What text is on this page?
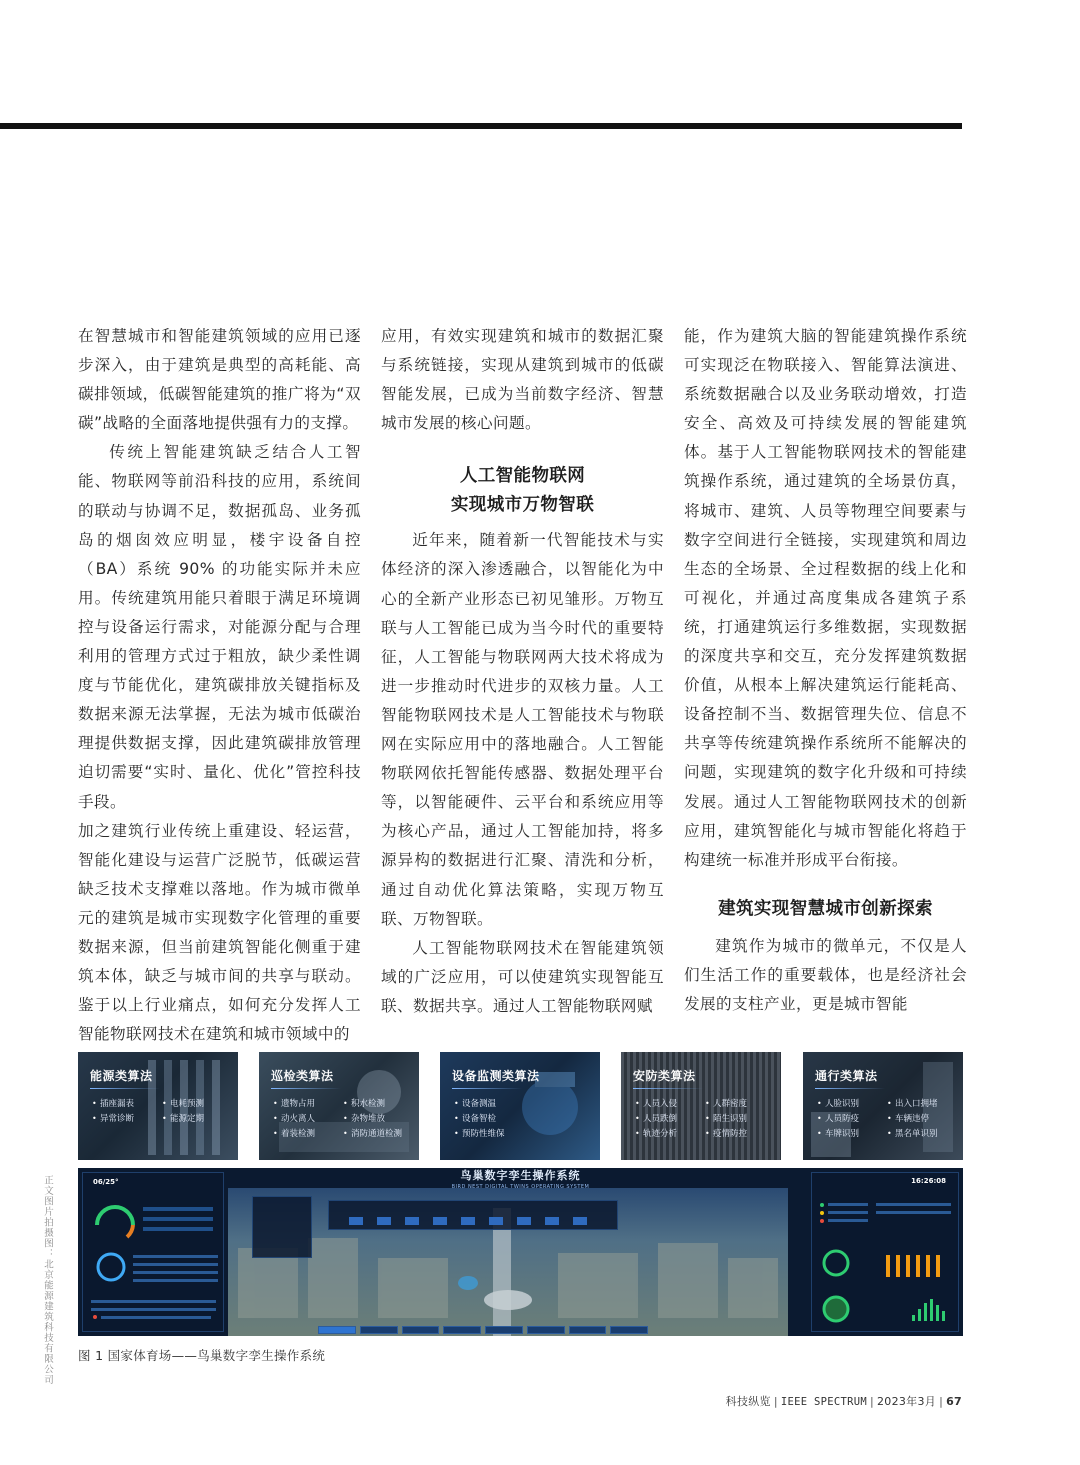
在智慧城市和智能建筑领域的应用已逐步深入，由于建筑是典型的高耗能、高碳排领域，低碳智能建筑的推广将为“双碳”战略的全面落地提供强有力的支撑。

传统上智能建筑缺乏结合人工智能、物联网等前沿科技的应用，系统间的联动与协调不足，数据孤岛、业务孤岛的烟囱效应明显，楼宇设备自控（BA）系统 90% 的功能实际并未应用。传统建筑用能只着眼于满足环境调控与设备运行需求，对能源分配与合理利用的管理方式过于粗放，缺少柔性调度与节能优化，建筑碳排放关键指标及数据来源无法掌握，无法为城市低碳治理提供数据支撑，因此建筑碳排放管理迫切需要“实时、量化、优化”管控科技手段。

加之建筑行业传统上重建设、轻运营，智能化建设与运营广泛脱节，低碳运营缺乏技术支撑难以落地。作为城市微单元的建筑是城市实现数字化管理的重要数据来源，但当前建筑智能化侧重于建筑本体，缺乏与城市间的共享与联动。鉴于以上行业痛点，如何充分发挥人工智能物联网技术在建筑和城市领域中的

应用，有效实现建筑和城市的数据汇聚与系统链接，实现从建筑到城市的低碳智能发展，已成为当前数字经济、智慧城市发展的核心问题。

人工智能物联网
实现城市万物智联

近年来，随着新一代智能技术与实体经济的深入渗透融合，以智能化为中心的全新产业形态已初见雏形。万物互联与人工智能已成为当今时代的重要特征，人工智能与物联网两大技术将成为进一步推动时代进步的双核力量。人工智能物联网技术是人工智能技术与物联网在实际应用中的落地融合。人工智能物联网依托智能传感器、数据处理平台等，以智能硬件、云平台和系统应用等为核心产品，通过人工智能加持，将多源异构的数据进行汇聚、清洗和分析，通过自动优化算法策略，实现万物互联、万物智联。

人工智能物联网技术在智能建筑领域的广泛应用，可以使建筑实现智能互联、数据共享。通过人工智能物联网赋

能，作为建筑大脑的智能建筑操作系统可实现泛在物联接入、智能算法演进、系统数据融合以及业务联动增效，打造安全、高效及可持续发展的智能建筑体。基于人工智能物联网技术的智能建筑操作系统，通过建筑的全场景仿真，将城市、建筑、人员等物理空间要素与数字空间进行全链接，实现建筑和周边生态的全场景、全过程数据的线上化和可视化，并通过高度集成各建筑子系统，打通建筑运行多维数据，实现数据的深度共享和交互，充分发挥建筑数据价值，从根本上解决建筑运行能耗高、设备控制不当、数据管理失位、信息不共享等传统建筑操作系统所不能解决的问题，实现建筑的数字化升级和可持续发展。通过人工智能物联网技术的创新应用，建筑智能化与城市智能化将趋于构建统一标准并形成平台衔接。

建筑实现智慧城市创新探索

建筑作为城市的微单元，不仅是人们生活工作的重要载体，也是经济社会发展的支柱产业，更是城市智能

能源类算法
• 插座漏表	• 电耗预测
• 异常诊断	• 能源定期
巡检类算法
• 遗物占用	• 积水检测
• 动火离人	• 杂物堆放
• 着装检测	• 消防通道检测
设备监测类算法
• 设备测温
• 设备智检
• 预防性维保
安防类算法
• 人员入侵	• 人群密度
• 人员跌倒	• 陌生识别
• 轨迹分析	• 疫情防控
通行类算法
• 人脸识别	• 出入口拥堵
• 人员防疫	• 车辆违停
• 车牌识别	• 黑名单识别
鸟巢数字孪生操作系统
BIRD NEST DIGITAL TWINS OPERATING SYSTEM
06/25°	16:26:08
图 1 国家体育场——鸟巢数字孪生操作系统
正文图片拍摄图：北京能源建筑科技有限公司
科技纵览 | IEEE SPECTRUM | 2023年3月 | 67
